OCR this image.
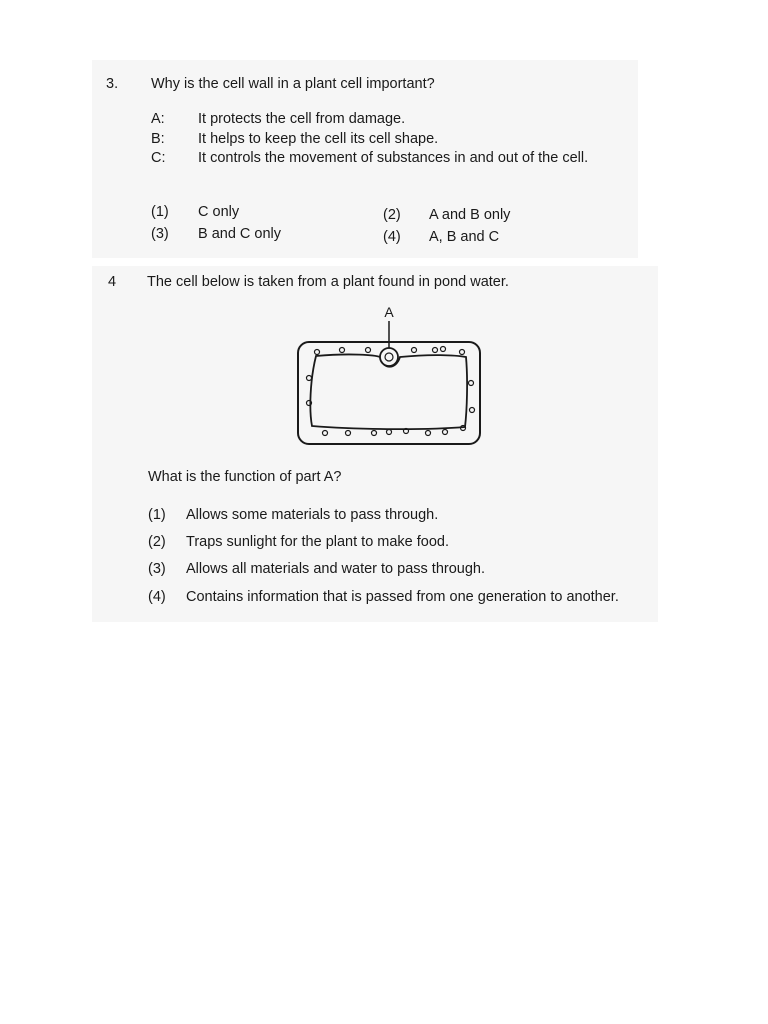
3. Why is the cell wall in a plant cell important?
A: It protects the cell from damage.
B: It helps to keep the cell its cell shape.
C: It controls the movement of substances in and out of the cell.
(1) C only	(2) A and B only
(3) B and C only	(4) A, B and C
4 The cell below is taken from a plant found in pond water.
A
What is the function of part A?
(1) Allows some materials to pass through.
(2) Traps sunlight for the plant to make food.
(3) Allows all materials and water to pass through.
(4) Contains information that is passed from one generation to another.
